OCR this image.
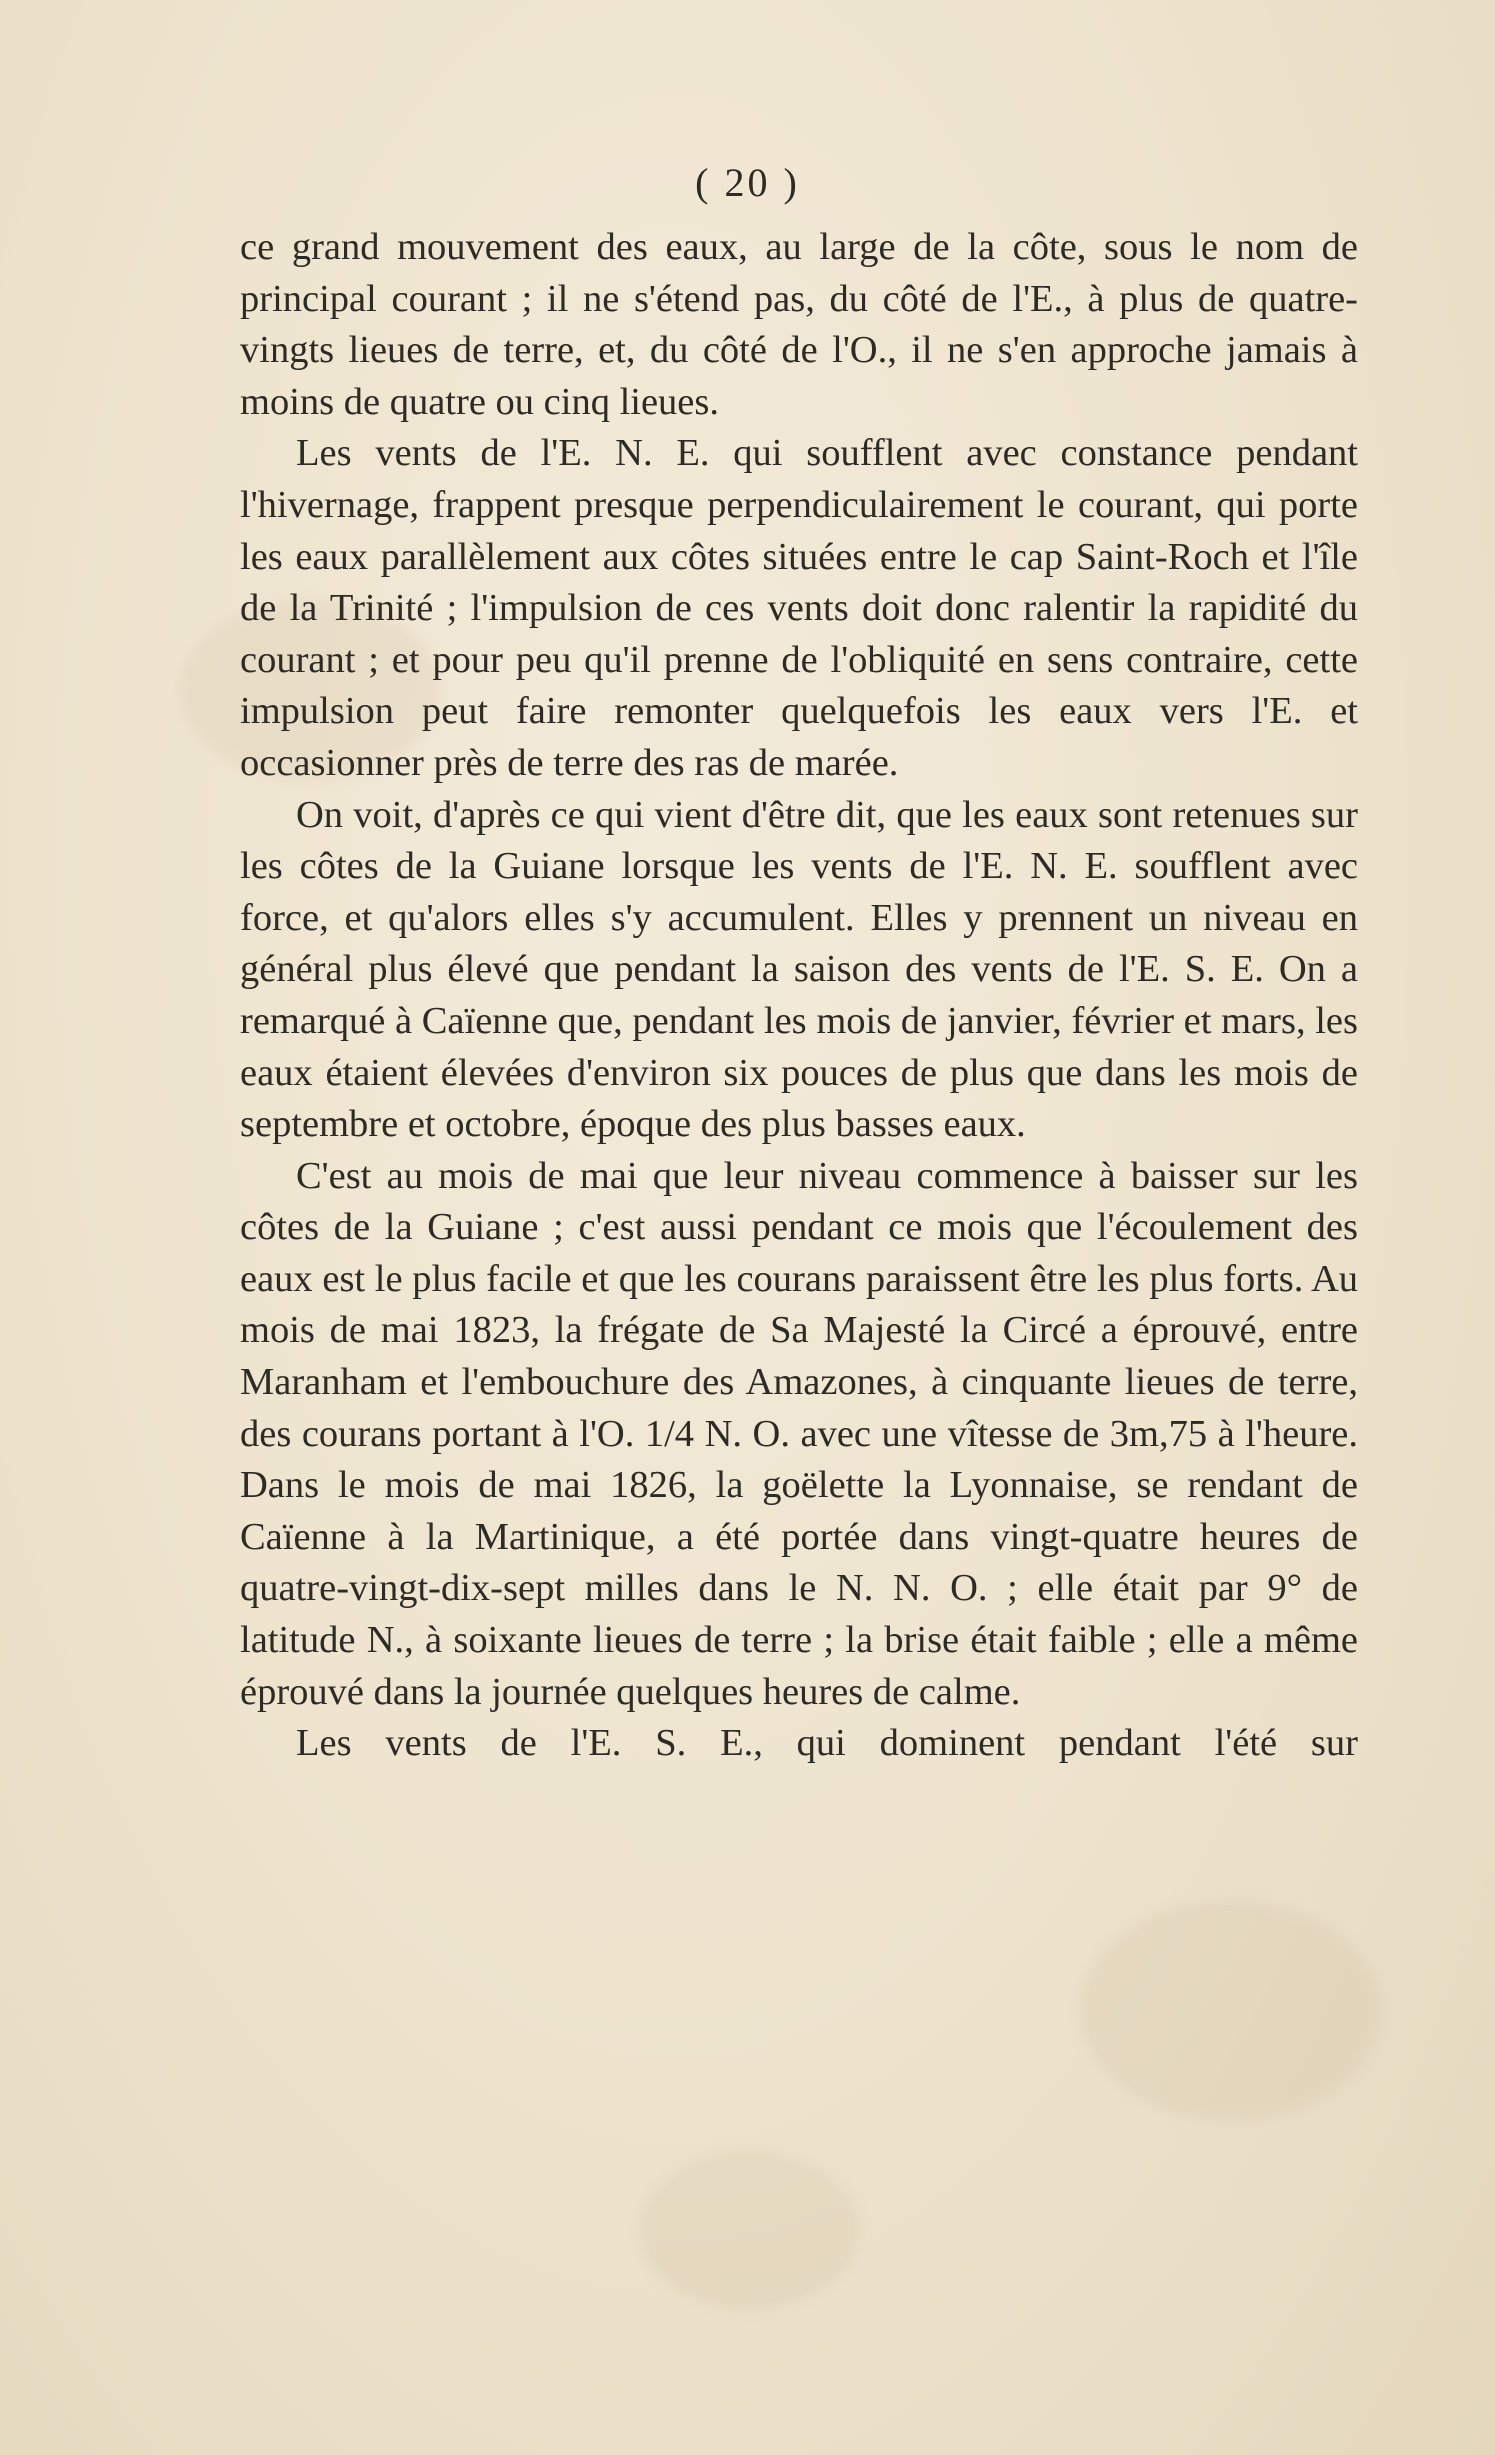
( 20 )

ce grand mouvement des eaux, au large de la côte, sous le nom de principal courant ; il ne s'étend pas, du côté de l'E., à plus de quatre-vingts lieues de terre, et, du côté de l'O., il ne s'en approche jamais à moins de quatre ou cinq lieues.

Les vents de l'E. N. E. qui soufflent avec constance pendant l'hivernage, frappent presque perpendiculairement le courant, qui porte les eaux parallèlement aux côtes situées entre le cap Saint-Roch et l'île de la Trinité ; l'impulsion de ces vents doit donc ralentir la rapidité du courant ; et pour peu qu'il prenne de l'obliquité en sens contraire, cette impulsion peut faire remonter quelquefois les eaux vers l'E. et occasionner près de terre des ras de marée.

On voit, d'après ce qui vient d'être dit, que les eaux sont retenues sur les côtes de la Guiane lorsque les vents de l'E. N. E. soufflent avec force, et qu'alors elles s'y accumulent. Elles y prennent un niveau en général plus élevé que pendant la saison des vents de l'E. S. E. On a remarqué à Caïenne que, pendant les mois de janvier, février et mars, les eaux étaient élevées d'environ six pouces de plus que dans les mois de septembre et octobre, époque des plus basses eaux.

C'est au mois de mai que leur niveau commence à baisser sur les côtes de la Guiane ; c'est aussi pendant ce mois que l'écoulement des eaux est le plus facile et que les courans paraissent être les plus forts. Au mois de mai 1823, la frégate de Sa Majesté la Circé a éprouvé, entre Maranham et l'embouchure des Amazones, à cinquante lieues de terre, des courans portant à l'O. 1/4 N. O. avec une vîtesse de 3m,75 à l'heure. Dans le mois de mai 1826, la goëlette la Lyonnaise, se rendant de Caïenne à la Martinique, a été portée dans vingt-quatre heures de quatre-vingt-dix-sept milles dans le N. N. O. ; elle était par 9° de latitude N., à soixante lieues de terre ; la brise était faible ; elle a même éprouvé dans la journée quelques heures de calme.

Les vents de l'E. S. E., qui dominent pendant l'été sur
